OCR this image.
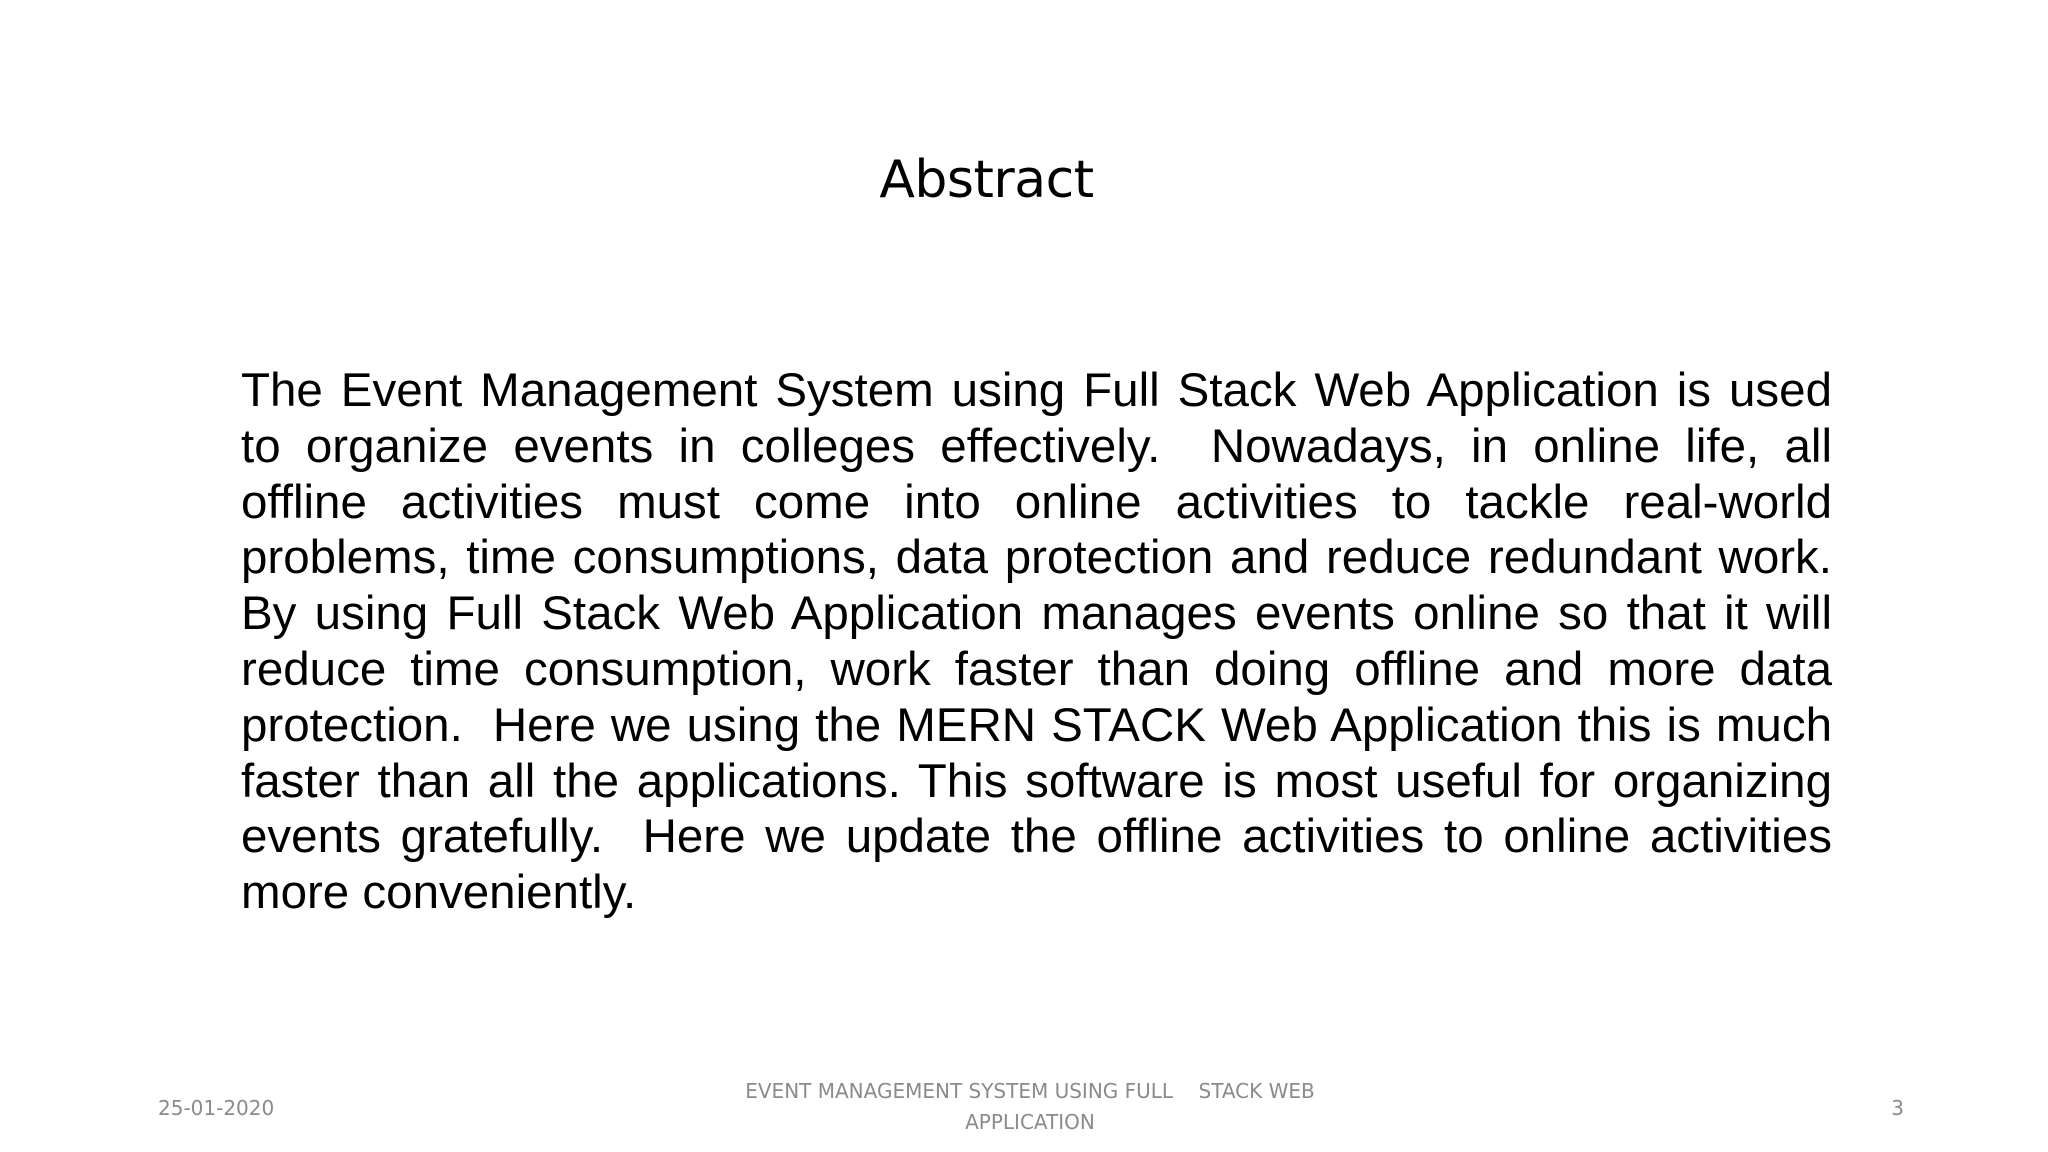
Abstract
The Event Management System using Full Stack Web Application is used to organize events in colleges effectively.  Nowadays, in online life, all offline activities must come into online activities to tackle real-world problems, time consumptions, data protection and reduce redundant work.  By using Full Stack Web Application manages events online so that it will reduce time consumption, work faster than doing offline and more data protection.  Here we using the MERN STACK Web Application this is much faster than all the applications. This software is most useful for organizing events gratefully.  Here we update the offline activities to online activities more conveniently.
25-01-2020
EVENT MANAGEMENT SYSTEM USING FULL    STACK WEB APPLICATION
3
